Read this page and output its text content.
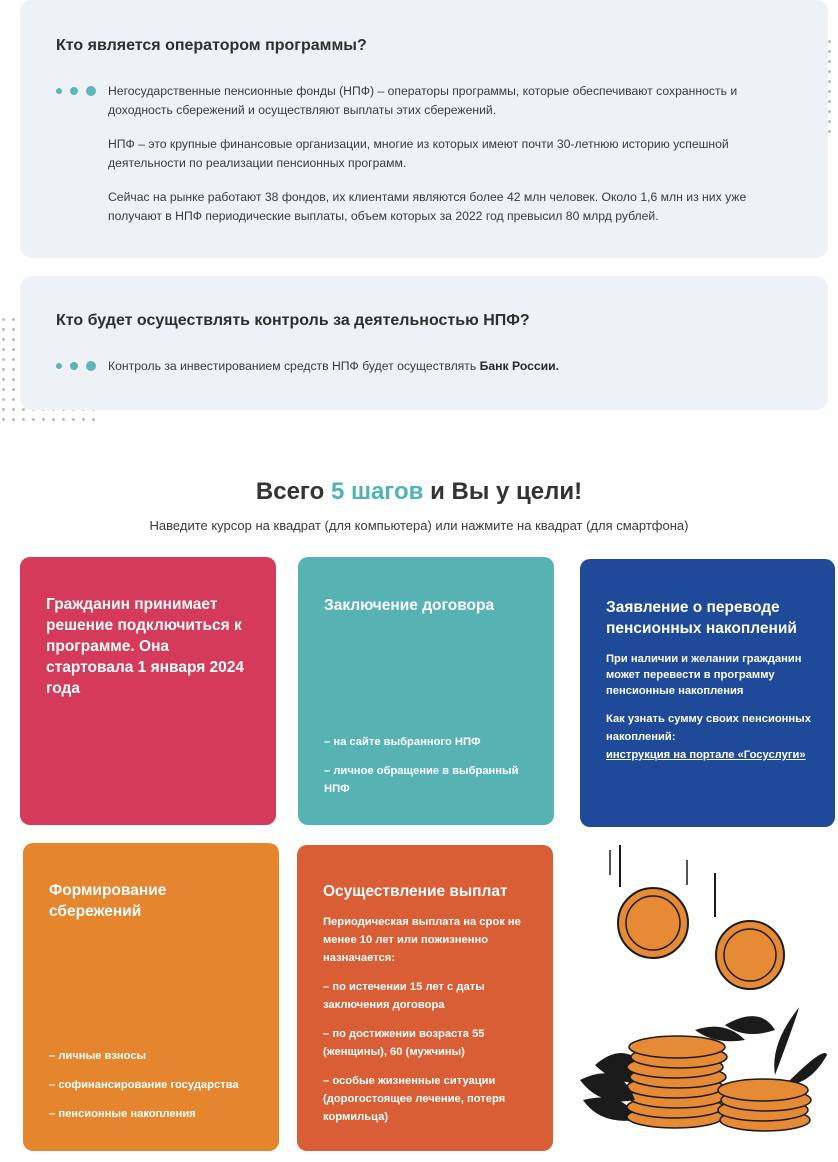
Кто является оператором программы?

Негосударственные пенсионные фонды (НПФ) – операторы программы, которые обеспечивают сохранность и доходность сбережений и осуществляют выплаты этих сбережений.

НПФ – это крупные финансовые организации, многие из которых имеют почти 30-летнюю историю успешной деятельности по реализации пенсионных программ.

Сейчас на рынке работают 38 фондов, их клиентами являются более 42 млн человек. Около 1,6 млн из них уже получают в НПФ периодические выплаты, объем которых за 2022 год превысил 80 млрд рублей.

Кто будет осуществлять контроль за деятельностью НПФ?
Контроль за инвестированием средств НПФ будет осуществлять Банк России.
Всего 5 шагов и Вы у цели!
Наведите курсор на квадрат (для компьютера) или нажмите на квадрат (для смартфона)
Гражданин принимает решение подключиться к программе. Она стартовала 1 января 2024 года
Заключение договора

– на сайте выбранного НПФ

– личное обращение в выбранный НПФ

Заявление о переводе пенсионных накоплений

При наличии и желании гражданин может перевести в программу пенсионные накопления

Как узнать сумму своих пенсионных накоплений:
инструкция на портале «Госуслуги»

Формирование сбережений

– личные взносы

– софинансирование государства

– пенсионные накопления

Осуществление выплат

Периодическая выплата на срок не менее 10 лет или пожизненно назначается:

– по истечении 15 лет с даты заключения договора

– по достижении возраста 55 (женщины), 60 (мужчины)

– особые жизненные ситуации (дорогостоящее лечение, потеря кормильца)
